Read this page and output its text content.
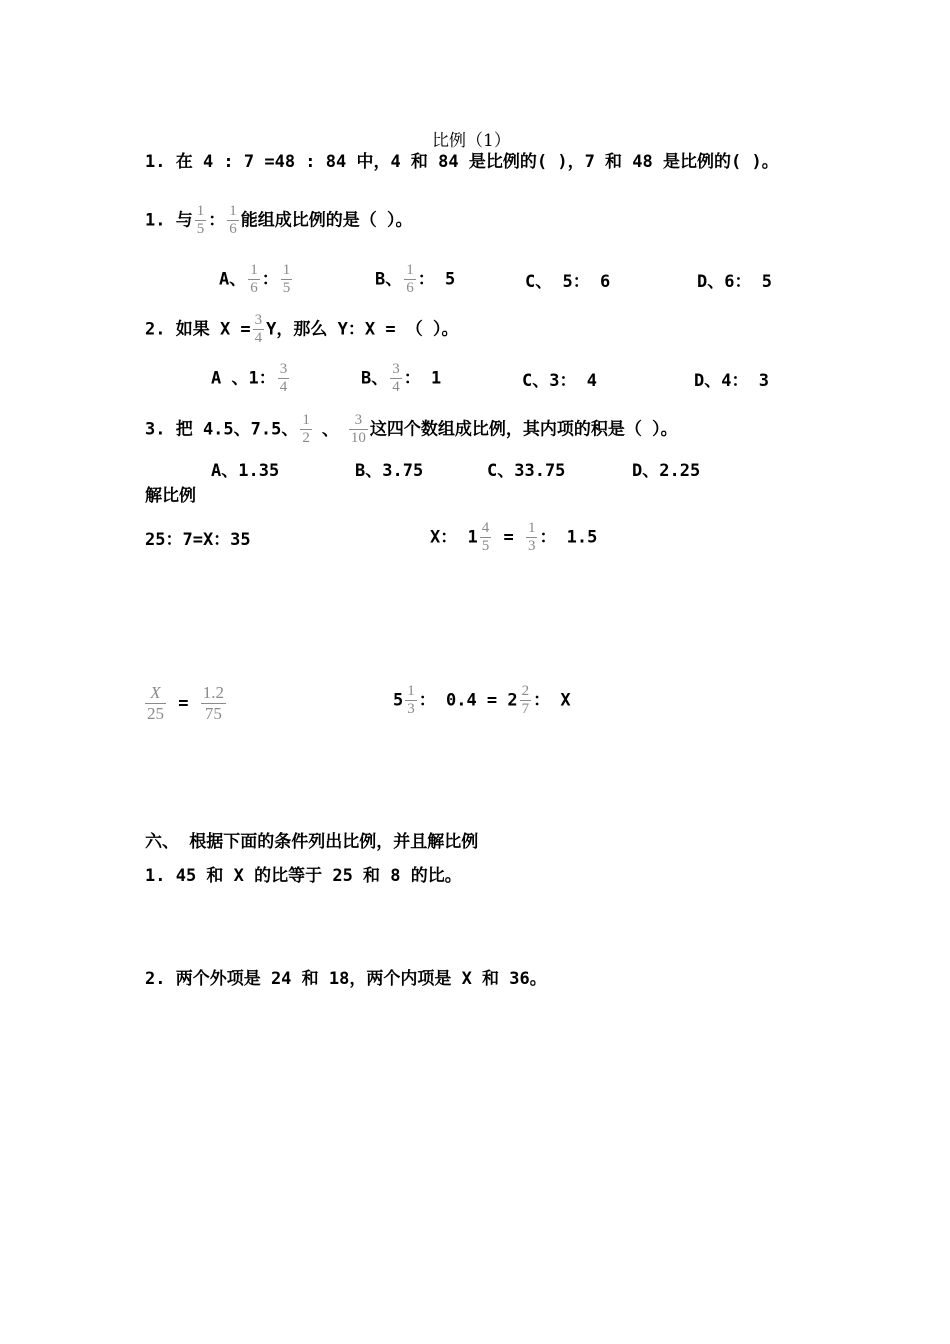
比例（1）
1. 在 4 : 7 =48 : 84 中，4 和 84 是比例的( )，7 和 48 是比例的( )。
1. 与 $\frac{1}{5}$ ： $\frac{1}{6}$ 能组成比例的是（ ）。
A、 $\frac{1}{6}$ ： $\frac{1}{5}$	B、 $\frac{1}{6}$ ： 5	C、 5： 6	D、6： 5
2. 如果 $X = \frac{3}{4}$ Y，那么 Y：X = （ ）。
A 、1： $\frac{3}{4}$	B、 $\frac{3}{4}$ ： 1	C、3： 4	D、4： 3
3. 把 4.5、7.5、 $\frac{1}{2}$ 、 $\frac{3}{10}$ 这四个数组成比例，其内项的积是（ ）。
A、1.35	B、3.75	C、33.75	D、2.25
解比例
25：7=X：35	X： $1 \frac{4}{5} = \frac{1}{3}$ ： 1.5
$\frac{X}{25} = \frac{1.2}{75}$	$5 \frac{1}{3}$ ： $0.4 = 2 \frac{2}{7}$ ： X
六、 根据下面的条件列出比例，并且解比例
1. 45 和 X 的比等于 25 和 8 的比。
2. 两个外项是 24 和 18，两个内项是 X 和 36。
